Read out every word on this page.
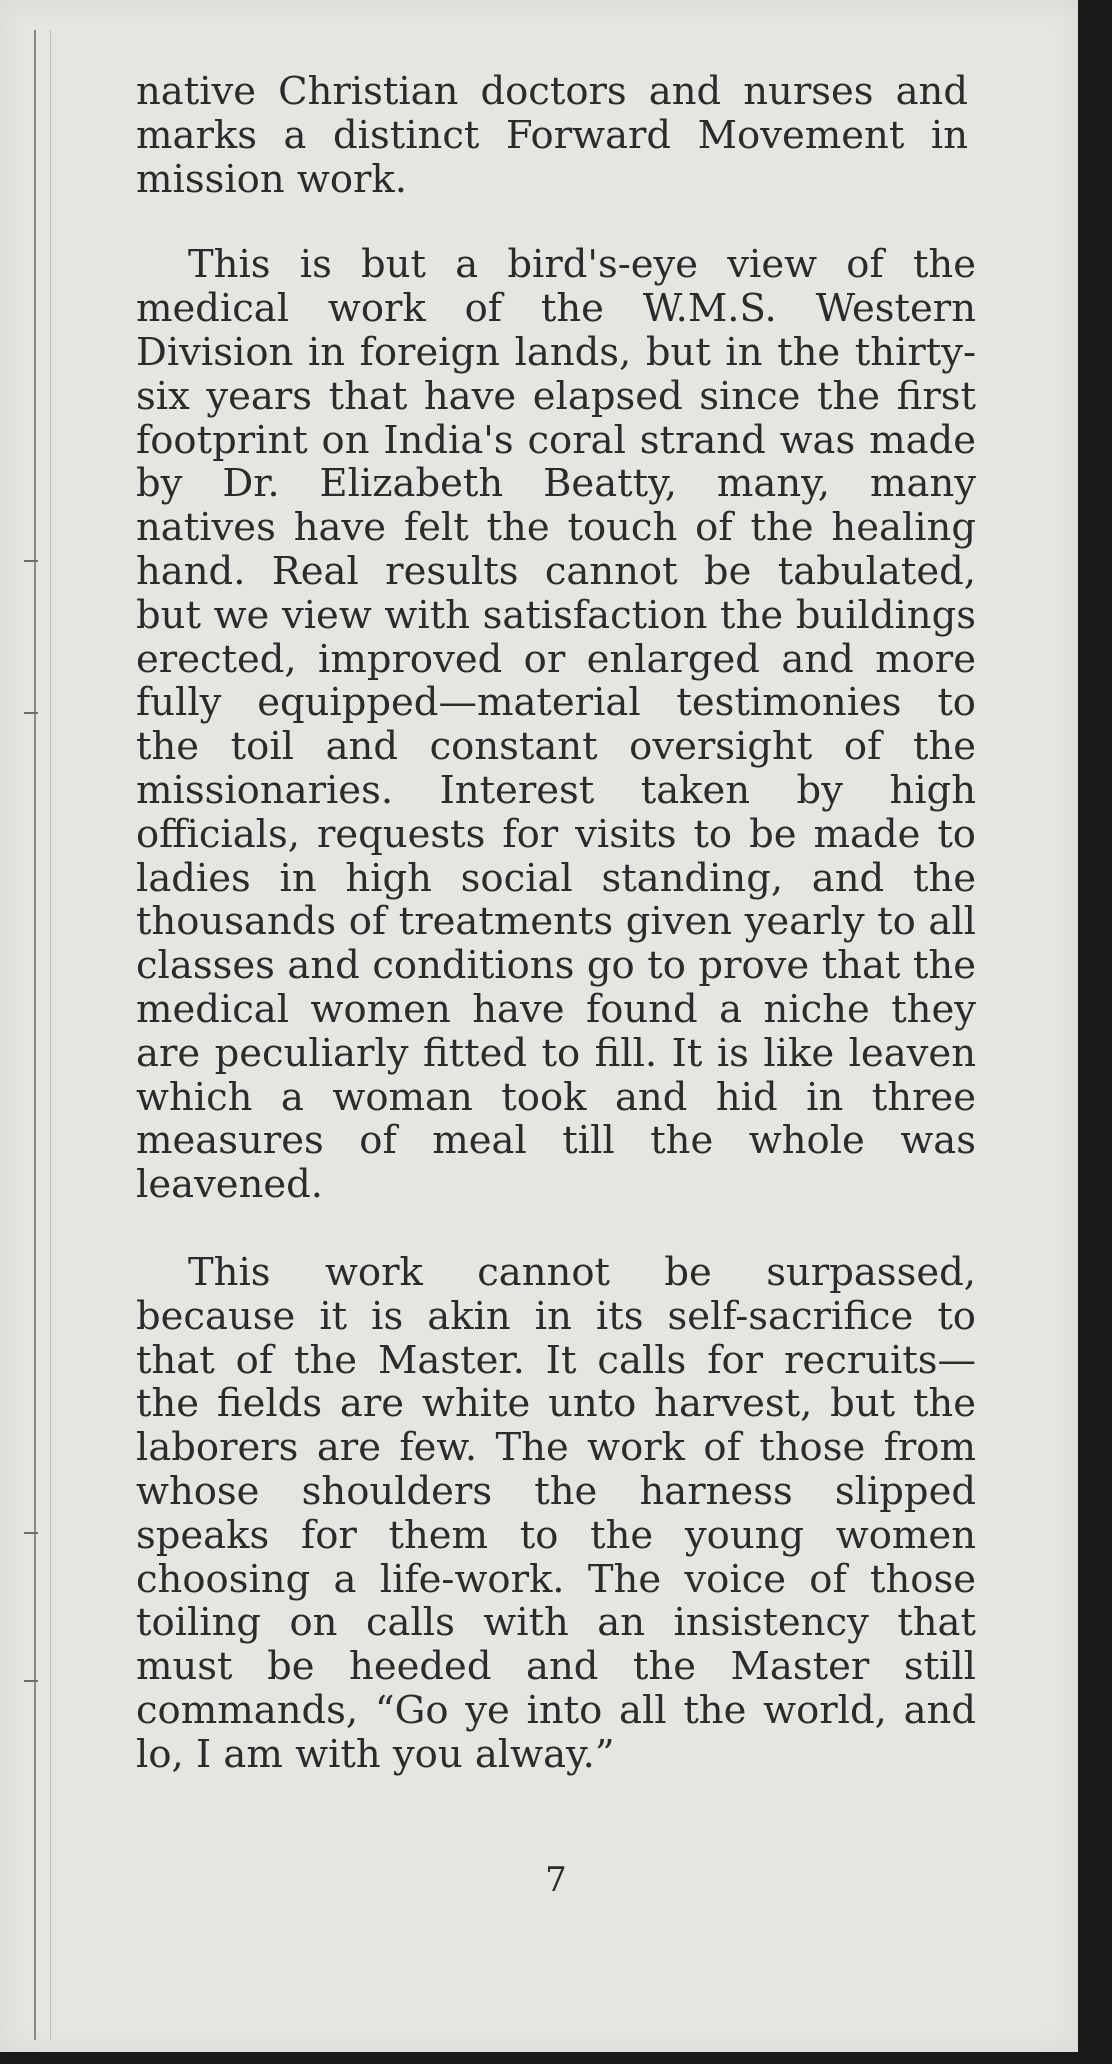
native Christian doctors and nurses and marks a distinct Forward Movement in mission work.

This is but a bird's-eye view of the medical work of the W.M.S. Western Division in foreign lands, but in the thirty-six years that have elapsed since the first footprint on India's coral strand was made by Dr. Elizabeth Beatty, many, many natives have felt the touch of the healing hand. Real results cannot be tabulated, but we view with satisfaction the buildings erected, improved or enlarged and more fully equipped—material testimonies to the toil and constant oversight of the missionaries. Interest taken by high officials, requests for visits to be made to ladies in high social standing, and the thousands of treatments given yearly to all classes and conditions go to prove that the medical women have found a niche they are peculiarly fitted to fill. It is like leaven which a woman took and hid in three measures of meal till the whole was leavened.

This work cannot be surpassed, because it is akin in its self-sacrifice to that of the Master. It calls for recruits—the fields are white unto harvest, but the laborers are few. The work of those from whose shoulders the harness slipped speaks for them to the young women choosing a life-work. The voice of those toiling on calls with an insistency that must be heeded and the Master still commands, “Go ye into all the world, and lo, I am with you alway.”

7
